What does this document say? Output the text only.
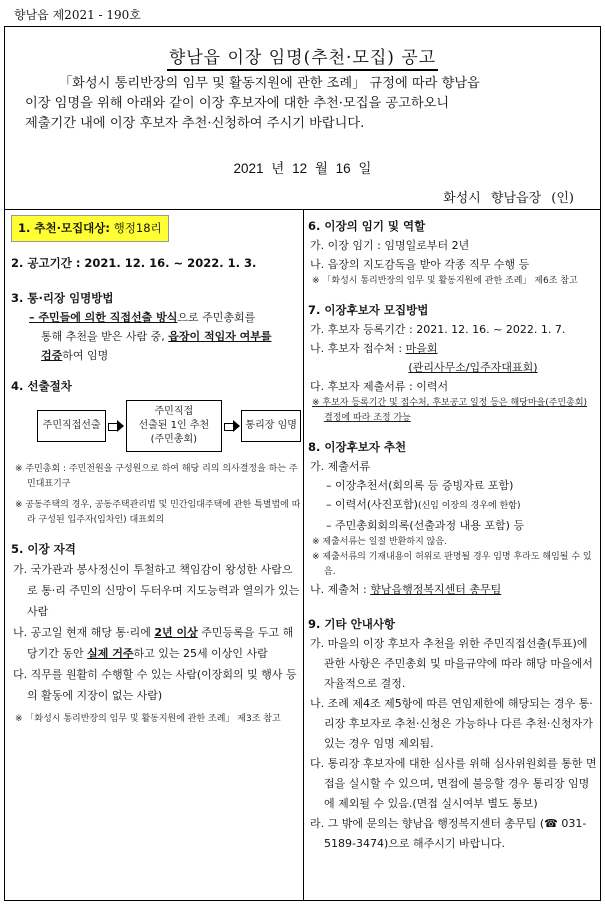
향남읍 제2021 - 190호
향남읍 이장 임명(추천·모집) 공고

「화성시 통리반장의 임무 및 활동지원에 관한 조례」 규정에 따라 향남읍

이장 임명을 위해 아래와 같이 이장 후보자에 대한 추천·모집을 공고하오니

제출기간 내에 이장 후보자 추천·신청하여 주시기 바랍니다.

2021 년 12 월 16 일
화성시 향남읍장 (인)
1. 추천·모집대상: 행정18리
2. 공고기간 : 2021. 12. 16. ~ 2022. 1. 3.
3. 통·리장 임명방법
– 주민들에 의한 직접선출 방식으로 주민총회를
통해 추천을 받은 사람 중, 읍장이 적임자 여부를
검증하여 임명
4. 선출절차
주민직접선출
주민직접
선출된 1인 추천
(주민총회)
통리장 임명
※ 주민총회 : 주민전원을 구성원으로 하여 해당 리의 의사결정을 하는 주민대표기구
※ 공동주택의 경우, 공동주택관리법 및 민간임대주택에 관한 특별법에 따라 구성된 입주자(임차인) 대표회의
5. 이장 자격
가. 국가관과 봉사정신이 투철하고 책임감이 왕성한 사람으로 통·리 주민의 신망이 두터우며 지도능력과 열의가 있는 사람
나. 공고일 현재 해당 통·리에 2년 이상 주민등록을 두고 해당기간 동안 실제 거주하고 있는 25세 이상인 사람
다. 직무를 원활히 수행할 수 있는 사람(이장회의 및 행사 등의 활동에 지장이 없는 사람)
※ 「화성시 통리반장의 임무 및 활동지원에 관한 조례」 제3조 참고
6. 이장의 임기 및 역할
가. 이장 임기 : 임명일로부터 2년
나. 읍장의 지도감독을 받아 각종 직무 수행 등
※ 「화성시 통리반장의 임무 및 활동지원에 관한 조례」 제6조 참고
7. 이장후보자 모집방법
가. 후보자 등록기간 : 2021. 12. 16. ~ 2022. 1. 7.
나. 후보자 접수처 : 마을회
(관리사무소/입주자대표회)
다. 후보자 제출서류 : 이력서
※ 후보자 등록기간 및 접수처, 후보공고 일정 등은 해당마을(주민총회) 결정에 따라 조정 가능
8. 이장후보자 추천
가. 제출서류
– 이장추천서(회의록 등 증빙자료 포함)
– 이력서(사진포함)(신임 이장의 경우에 한함)
– 주민총회회의록(선출과정 내용 포함) 등
※ 제출서류는 일절 반환하지 않음.
※ 제출서류의 기재내용이 허위로 판명될 경우 임명 후라도 해임될 수 있음.
나. 제출처 : 향남읍행정복지센터 총무팀
9. 기타 안내사항
가. 마을의 이장 후보자 추천을 위한 주민직접선출(투표)에 관한 사항은 주민총회 및 마을규약에 따라 해당 마을에서 자율적으로 결정.
나. 조례 제4조 제5항에 따른 연임제한에 해당되는 경우 통·리장 후보자로 추천·신청은 가능하나 다른 추천·신청자가 있는 경우 임명 제외됨.
다. 통리장 후보자에 대한 심사를 위해 심사위원회를 통한 면접을 실시할 수 있으며, 면접에 불응할 경우 통리장 임명에 제외될 수 있음.(면접 실시여부 별도 통보)
라. 그 밖에 문의는 향남읍 행정복지센터 총무팀 (☎ 031-5189-3474)으로 해주시기 바랍니다.
